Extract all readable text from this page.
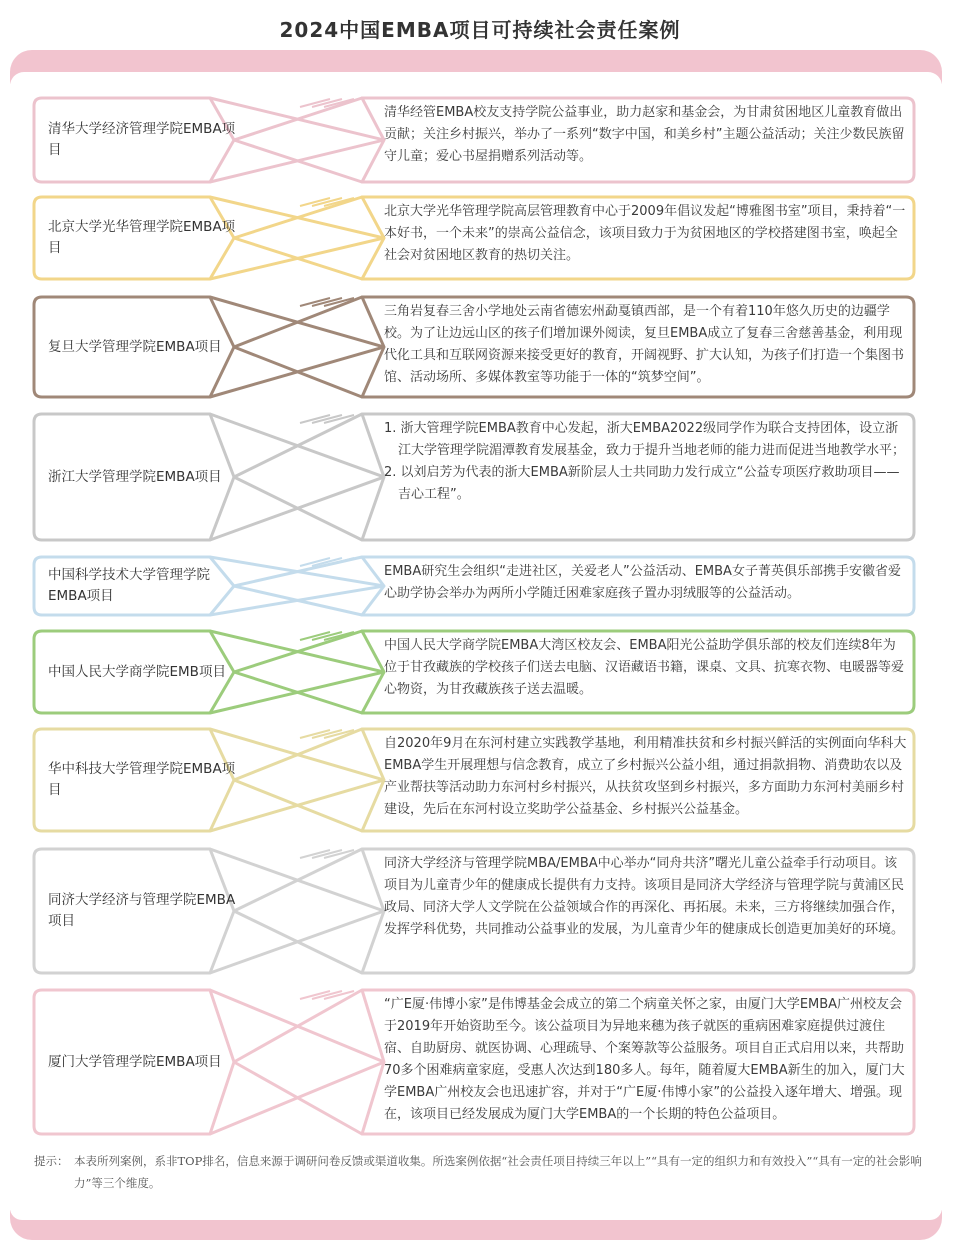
2024中国EMBA项目可持续社会责任案例
清华大学经济管理学院EMBA项目

清华经管EMBA校友支持学院公益事业，助力赵家和基金会，为甘肃贫困地区儿童教育做出贡献；关注乡村振兴，举办了一系列“数字中国，和美乡村”主题公益活动；关注少数民族留守儿童；爱心书屋捐赠系列活动等。

北京大学光华管理学院EMBA项目

北京大学光华管理学院高层管理教育中心于2009年倡议发起“博雅图书室”项目，秉持着“一本好书，一个未来”的崇高公益信念，该项目致力于为贫困地区的学校搭建图书室，唤起全社会对贫困地区教育的热切关注。

复旦大学管理学院EMBA项目

三角岩复春三舍小学地处云南省德宏州勐戛镇西部，是一个有着110年悠久历史的边疆学校。为了让边远山区的孩子们增加课外阅读，复旦EMBA成立了复春三舍慈善基金，利用现代化工具和互联网资源来接受更好的教育，开阔视野、扩大认知，为孩子们打造一个集图书馆、活动场所、多媒体教室等功能于一体的“筑梦空间”。

浙江大学管理学院EMBA项目

1. 浙大管理学院EMBA教育中心发起，浙大EMBA2022级同学作为联合支持团体，设立浙江大学管理学院湄潭教育发展基金，致力于提升当地老师的能力进而促进当地教学水平；

2. 以刘启芳为代表的浙大EMBA新阶层人士共同助力发行成立“公益专项医疗救助项目——吉心工程”。

中国科学技术大学管理学院EMBA项目

EMBA研究生会组织“走进社区，关爱老人”公益活动、EMBA女子菁英俱乐部携手安徽省爱心助学协会举办为两所小学随迁困难家庭孩子置办羽绒服等的公益活动。

中国人民大学商学院EMB项目

中国人民大学商学院EMBA大湾区校友会、EMBA阳光公益助学俱乐部的校友们连续8年为位于甘孜藏族的学校孩子们送去电脑、汉语藏语书籍，课桌、文具、抗寒衣物、电暖器等爱心物资，为甘孜藏族孩子送去温暖。

华中科技大学管理学院EMBA项目

自2020年9月在东河村建立实践教学基地，利用精准扶贫和乡村振兴鲜活的实例面向华科大EMBA学生开展理想与信念教育，成立了乡村振兴公益小组，通过捐款捐物、消费助农以及产业帮扶等活动助力东河村乡村振兴，从扶贫攻坚到乡村振兴，多方面助力东河村美丽乡村建设，先后在东河村设立奖助学公益基金、乡村振兴公益基金。

同济大学经济与管理学院EMBA项目

同济大学经济与管理学院MBA/EMBA中心举办“同舟共济”曙光儿童公益牵手行动项目。该项目为儿童青少年的健康成长提供有力支持。该项目是同济大学经济与管理学院与黄浦区民政局、同济大学人文学院在公益领域合作的再深化、再拓展。未来，三方将继续加强合作，发挥学科优势，共同推动公益事业的发展，为儿童青少年的健康成长创造更加美好的环境。

厦门大学管理学院EMBA项目

“广E厦·伟博小家”是伟博基金会成立的第二个病童关怀之家，由厦门大学EMBA广州校友会于2019年开始资助至今。该公益项目为异地来穗为孩子就医的重病困难家庭提供过渡住宿、自助厨房、就医协调、心理疏导、个案筹款等公益服务。项目自正式启用以来，共帮助70多个困难病童家庭，受惠人次达到180多人。每年，随着厦大EMBA新生的加入，厦门大学EMBA广州校友会也迅速扩容，并对于“广E厦·伟博小家”的公益投入逐年增大、增强。现在，该项目已经发展成为厦门大学EMBA的一个长期的特色公益项目。

提示： 本表所列案例，系非TOP排名，信息来源于调研问卷反馈或渠道收集。所选案例依据“社会责任项目持续三年以上”“具有一定的组织力和有效投入”“具有一定的社会影响力”等三个维度。
